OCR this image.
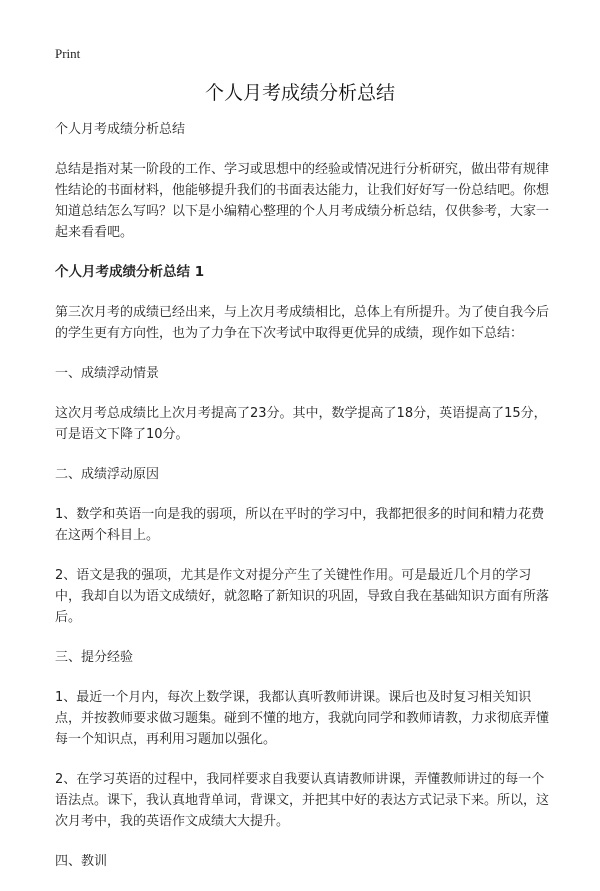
Print
个人月考成绩分析总结

个人月考成绩分析总结

总结是指对某一阶段的工作、学习或思想中的经验或情况进行分析研究，做出带有规律性结论的书面材料，他能够提升我们的书面表达能力，让我们好好写一份总结吧。你想知道总结怎么写吗？以下是小编精心整理的个人月考成绩分析总结，仅供参考，大家一起来看看吧。

个人月考成绩分析总结 1

第三次月考的成绩已经出来，与上次月考成绩相比，总体上有所提升。为了使自我今后的学生更有方向性，也为了力争在下次考试中取得更优异的成绩，现作如下总结：

一、成绩浮动情景

这次月考总成绩比上次月考提高了23分。其中，数学提高了18分，英语提高了15分，可是语文下降了10分。

二、成绩浮动原因

1、数学和英语一向是我的弱项，所以在平时的学习中，我都把很多的时间和精力花费在这两个科目上。

2、语文是我的强项，尤其是作文对提分产生了关键性作用。可是最近几个月的学习中，我却自以为语文成绩好，就忽略了新知识的巩固，导致自我在基础知识方面有所落后。

三、提分经验

1、最近一个月内，每次上数学课，我都认真听教师讲课。课后也及时复习相关知识点，并按教师要求做习题集。碰到不懂的地方，我就向同学和教师请教，力求彻底弄懂每一个知识点，再利用习题加以强化。

2、在学习英语的过程中，我同样要求自我要认真请教师讲课，弄懂教师讲过的每一个语法点。课下，我认真地背单词，背课文，并把其中好的表达方式记录下来。所以，这次月考中，我的英语作文成绩大大提升。

四、教训
